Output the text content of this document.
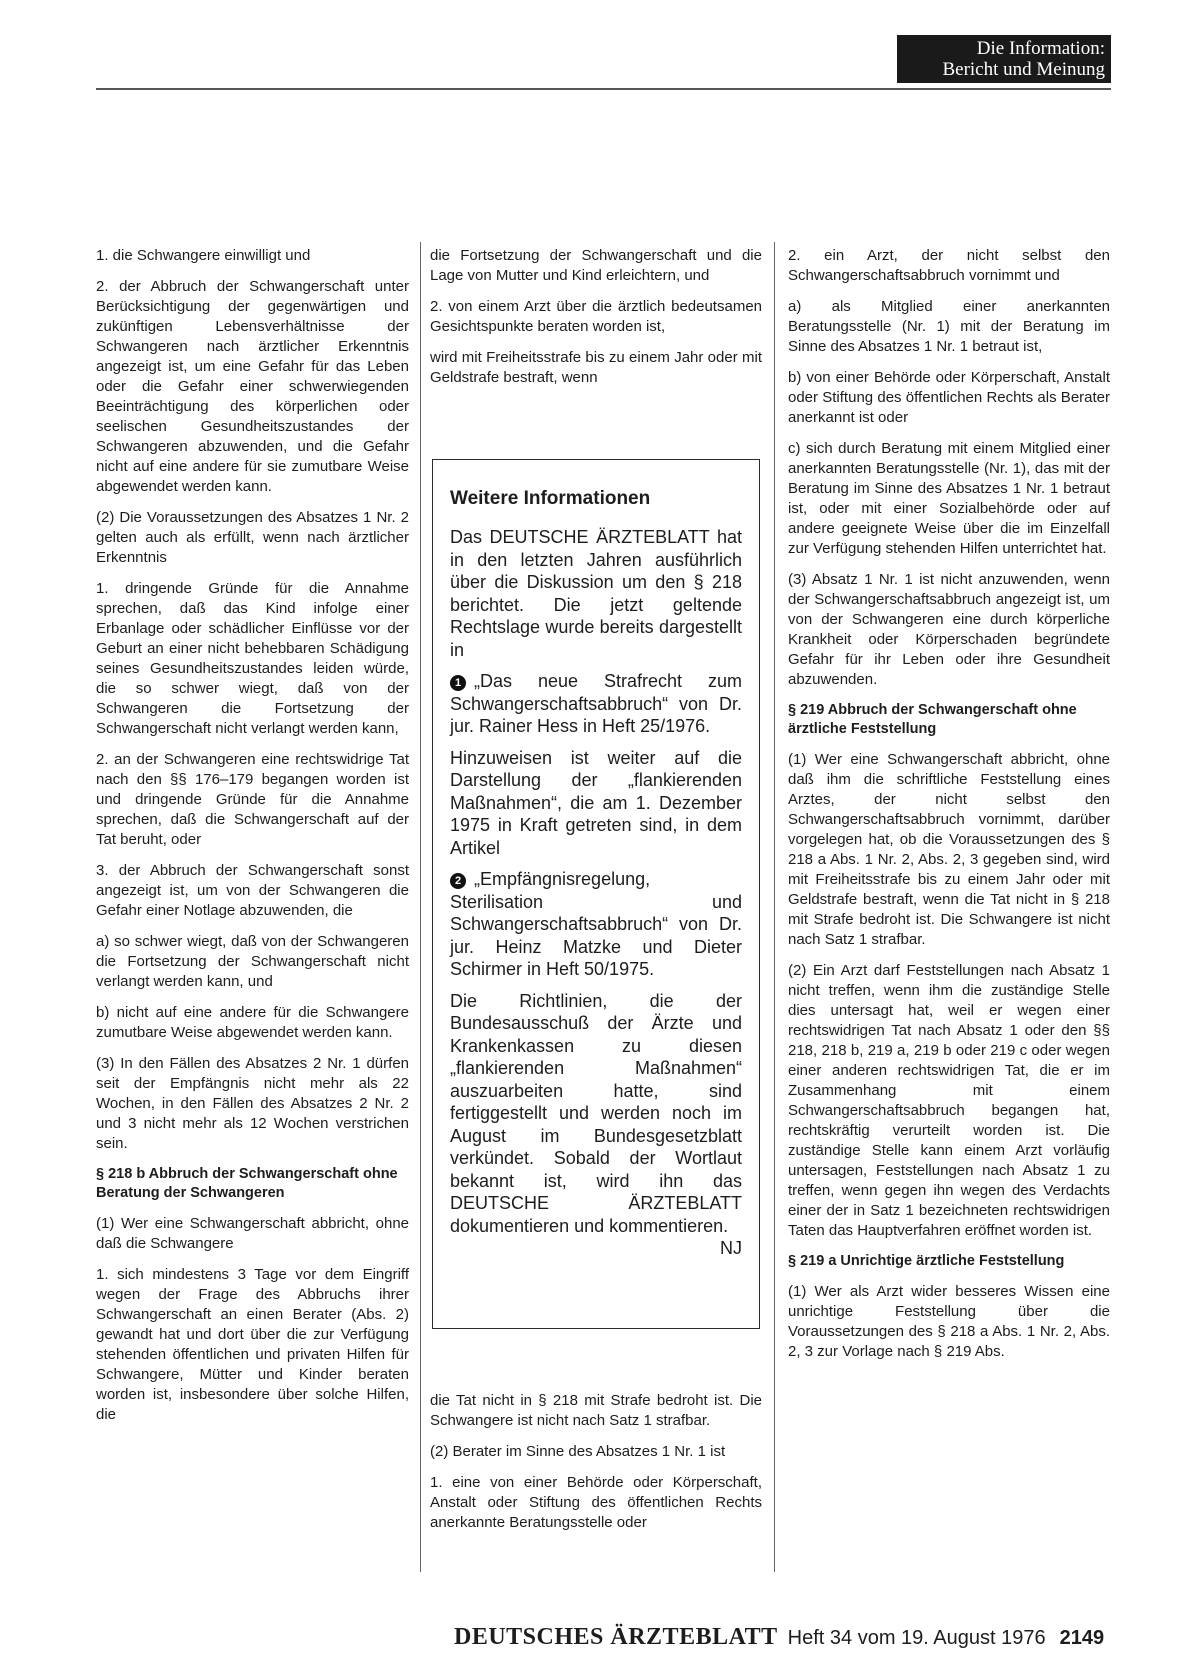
Die Information:
Bericht und Meinung

1. die Schwangere einwilligt und

2. der Abbruch der Schwangerschaft unter Berücksichtigung der gegenwärtigen und zukünftigen Lebensverhältnisse der Schwangeren nach ärztlicher Erkenntnis angezeigt ist, um eine Gefahr für das Leben oder die Gefahr einer schwerwiegenden Beeinträchtigung des körperlichen oder seelischen Gesundheitszustandes der Schwangeren abzuwenden, und die Gefahr nicht auf eine andere für sie zumutbare Weise abgewendet werden kann.

(2) Die Voraussetzungen des Absatzes 1 Nr. 2 gelten auch als erfüllt, wenn nach ärztlicher Erkenntnis

1. dringende Gründe für die Annahme sprechen, daß das Kind infolge einer Erbanlage oder schädlicher Einflüsse vor der Geburt an einer nicht behebbaren Schädigung seines Gesundheitszustandes leiden würde, die so schwer wiegt, daß von der Schwangeren die Fortsetzung der Schwangerschaft nicht verlangt werden kann,

2. an der Schwangeren eine rechtswidrige Tat nach den §§ 176–179 begangen worden ist und dringende Gründe für die Annahme sprechen, daß die Schwangerschaft auf der Tat beruht, oder

3. der Abbruch der Schwangerschaft sonst angezeigt ist, um von der Schwangeren die Gefahr einer Notlage abzuwenden, die

a) so schwer wiegt, daß von der Schwangeren die Fortsetzung der Schwangerschaft nicht verlangt werden kann, und

b) nicht auf eine andere für die Schwangere zumutbare Weise abgewendet werden kann.

(3) In den Fällen des Absatzes 2 Nr. 1 dürfen seit der Empfängnis nicht mehr als 22 Wochen, in den Fällen des Absatzes 2 Nr. 2 und 3 nicht mehr als 12 Wochen verstrichen sein.

§ 218 b Abbruch der Schwangerschaft ohne Beratung der Schwangeren

(1) Wer eine Schwangerschaft abbricht, ohne daß die Schwangere

1. sich mindestens 3 Tage vor dem Eingriff wegen der Frage des Abbruchs ihrer Schwangerschaft an einen Berater (Abs. 2) gewandt hat und dort über die zur Verfügung stehenden öffentlichen und privaten Hilfen für Schwangere, Mütter und Kinder beraten worden ist, insbesondere über solche Hilfen, die

die Fortsetzung der Schwangerschaft und die Lage von Mutter und Kind erleichtern, und

2. von einem Arzt über die ärztlich bedeutsamen Gesichtspunkte beraten worden ist,

wird mit Freiheitsstrafe bis zu einem Jahr oder mit Geldstrafe bestraft, wenn

Weitere Informationen

Das DEUTSCHE ÄRZTEBLATT hat in den letzten Jahren ausführlich über die Diskussion um den § 218 berichtet. Die jetzt geltende Rechtslage wurde bereits dargestellt in

1 „Das neue Strafrecht zum Schwangerschaftsabbruch“ von Dr. jur. Rainer Hess in Heft 25/1976.

Hinzuweisen ist weiter auf die Darstellung der „flankierenden Maßnahmen“, die am 1. Dezember 1975 in Kraft getreten sind, in dem Artikel

2 „Empfängnisregelung, Sterilisation und Schwangerschaftsabbruch“ von Dr. jur. Heinz Matzke und Dieter Schirmer in Heft 50/1975.

Die Richtlinien, die der Bundesausschuß der Ärzte und Krankenkassen zu diesen „flankierenden Maßnahmen“ auszuarbeiten hatte, sind fertiggestellt und werden noch im August im Bundesgesetzblatt verkündet. Sobald der Wortlaut bekannt ist, wird ihn das DEUTSCHE ÄRZTEBLATT dokumentieren und kommentieren.
NJ

die Tat nicht in § 218 mit Strafe bedroht ist. Die Schwangere ist nicht nach Satz 1 strafbar.

(2) Berater im Sinne des Absatzes 1 Nr. 1 ist

1. eine von einer Behörde oder Körperschaft, Anstalt oder Stiftung des öffentlichen Rechts anerkannte Beratungsstelle oder

2. ein Arzt, der nicht selbst den Schwangerschaftsabbruch vornimmt und

a) als Mitglied einer anerkannten Beratungsstelle (Nr. 1) mit der Beratung im Sinne des Absatzes 1 Nr. 1 betraut ist,

b) von einer Behörde oder Körperschaft, Anstalt oder Stiftung des öffentlichen Rechts als Berater anerkannt ist oder

c) sich durch Beratung mit einem Mitglied einer anerkannten Beratungsstelle (Nr. 1), das mit der Beratung im Sinne des Absatzes 1 Nr. 1 betraut ist, oder mit einer Sozialbehörde oder auf andere geeignete Weise über die im Einzelfall zur Verfügung stehenden Hilfen unterrichtet hat.

(3) Absatz 1 Nr. 1 ist nicht anzuwenden, wenn der Schwangerschaftsabbruch angezeigt ist, um von der Schwangeren eine durch körperliche Krankheit oder Körperschaden begründete Gefahr für ihr Leben oder ihre Gesundheit abzuwenden.

§ 219 Abbruch der Schwangerschaft ohne ärztliche Feststellung

(1) Wer eine Schwangerschaft abbricht, ohne daß ihm die schriftliche Feststellung eines Arztes, der nicht selbst den Schwangerschaftsabbruch vornimmt, darüber vorgelegen hat, ob die Voraussetzungen des § 218 a Abs. 1 Nr. 2, Abs. 2, 3 gegeben sind, wird mit Freiheitsstrafe bis zu einem Jahr oder mit Geldstrafe bestraft, wenn die Tat nicht in § 218 mit Strafe bedroht ist. Die Schwangere ist nicht nach Satz 1 strafbar.

(2) Ein Arzt darf Feststellungen nach Absatz 1 nicht treffen, wenn ihm die zuständige Stelle dies untersagt hat, weil er wegen einer rechtswidrigen Tat nach Absatz 1 oder den §§ 218, 218 b, 219 a, 219 b oder 219 c oder wegen einer anderen rechtswidrigen Tat, die er im Zusammenhang mit einem Schwangerschaftsabbruch begangen hat, rechtskräftig verurteilt worden ist. Die zuständige Stelle kann einem Arzt vorläufig untersagen, Feststellungen nach Absatz 1 zu treffen, wenn gegen ihn wegen des Verdachts einer der in Satz 1 bezeichneten rechtswidrigen Taten das Hauptverfahren eröffnet worden ist.

§ 219 a Unrichtige ärztliche Feststellung

(1) Wer als Arzt wider besseres Wissen eine unrichtige Feststellung über die Voraussetzungen des § 218 a Abs. 1 Nr. 2, Abs. 2, 3 zur Vorlage nach § 219 Abs.

DEUTSCHES ÄRZTEBLATT Heft 34 vom 19. August 1976 2149
